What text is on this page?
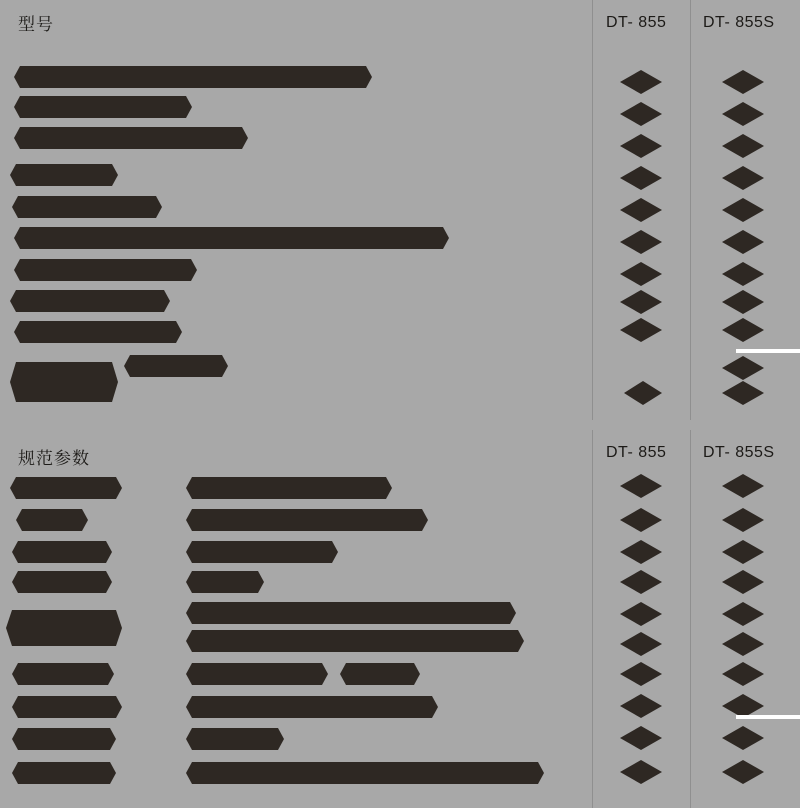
型号	DT- 855 DT- 855S
规范参数	DT- 855 DT- 855S
